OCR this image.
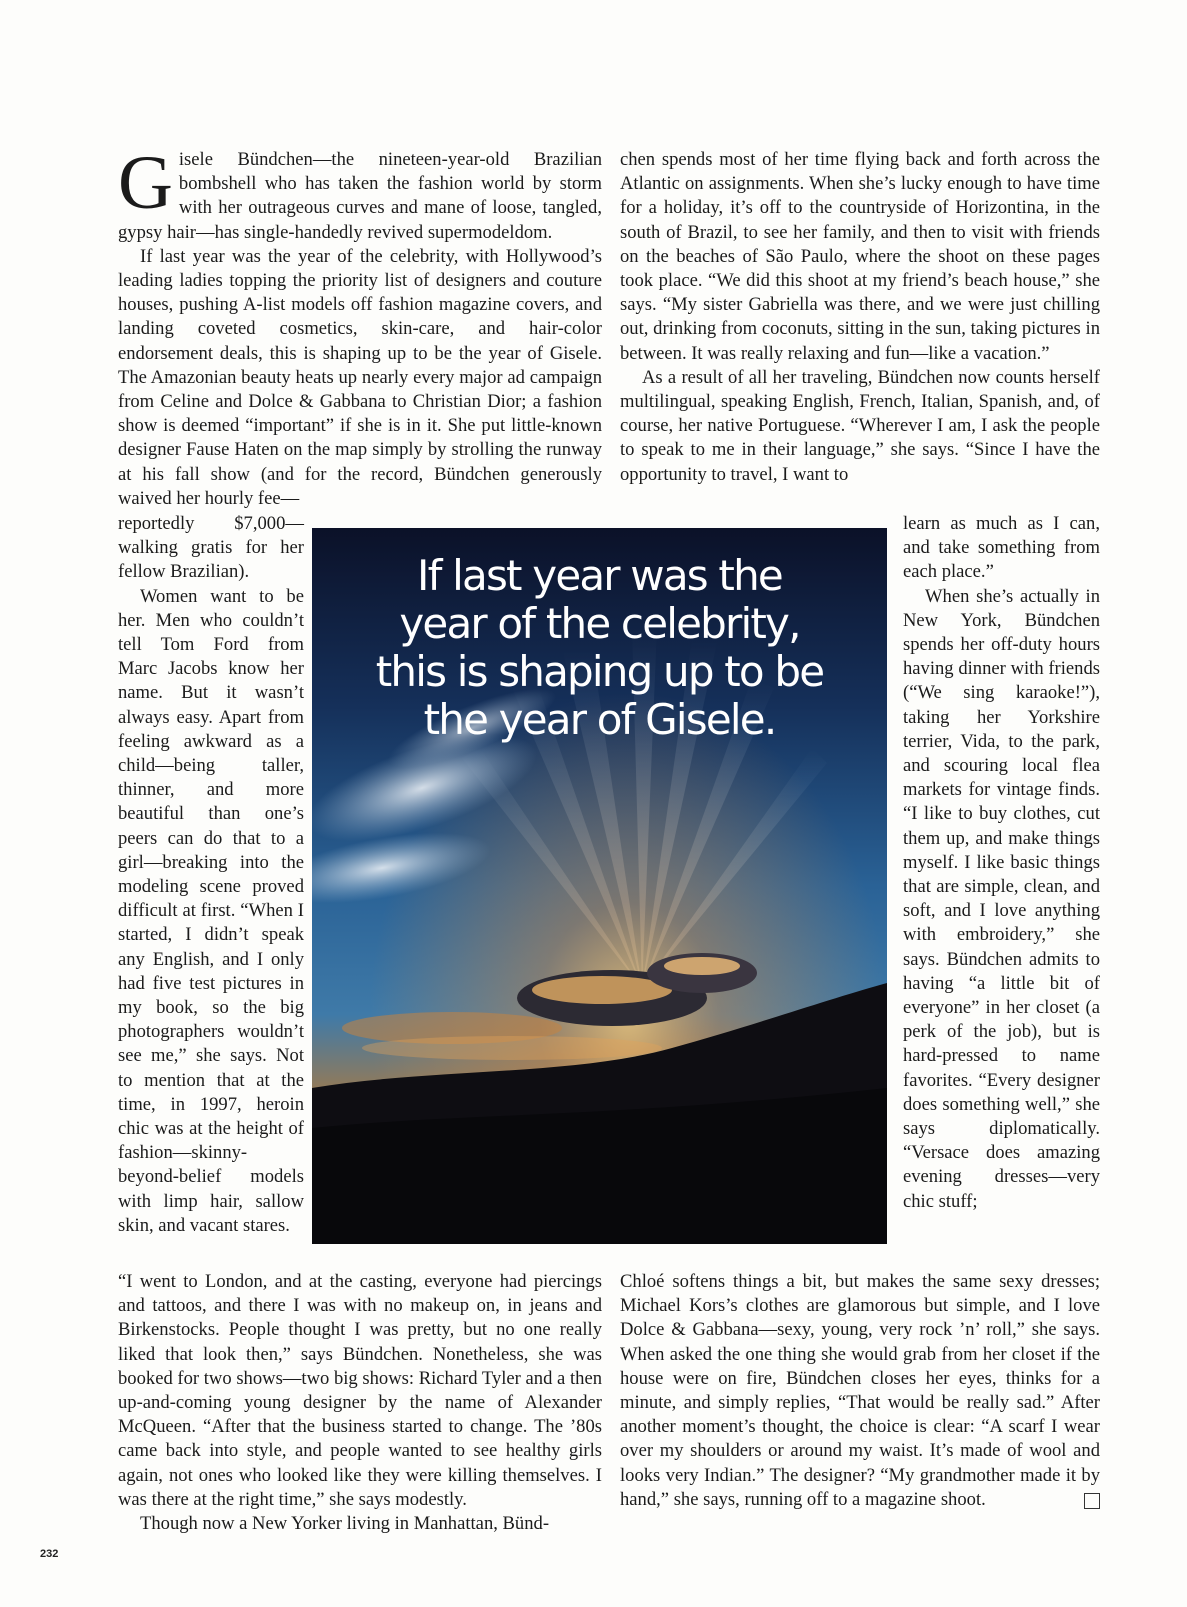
Gisele Bündchen—the nineteen-year-old Brazilian bombshell who has taken the fashion world by storm with her outrageous curves and mane of loose, tangled, gypsy hair—has single-handedly revived supermodeldom.

If last year was the year of the celebrity, with Hollywood’s leading ladies topping the priority list of designers and couture houses, pushing A-list models off fashion magazine covers, and landing coveted cosmetics, skin-care, and hair-color endorsement deals, this is shaping up to be the year of Gisele. The Amazonian beauty heats up nearly every major ad campaign from Celine and Dolce & Gabbana to Christian Dior; a fashion show is deemed “important” if she is in it. She put little-known designer Fause Haten on the map simply by strolling the runway at his fall show (and for the record, Bündchen generously waived her hourly fee—

reportedly $7,000—walking gratis for her fellow Brazilian).

Women want to be her. Men who couldn’t tell Tom Ford from Marc Jacobs know her name. But it wasn’t always easy. Apart from feeling awkward as a child—being taller, thinner, and more beautiful than one’s peers can do that to a girl—breaking into the modeling scene proved difficult at first. “When I started, I didn’t speak any English, and I only had five test pictures in my book, so the big photographers wouldn’t see me,” she says. Not to mention that at the time, in 1997, heroin chic was at the height of fashion—skinny-beyond-belief models with limp hair, sallow skin, and vacant stares.

“I went to London, and at the casting, everyone had piercings and tattoos, and there I was with no makeup on, in jeans and Birkenstocks. People thought I was pretty, but no one really liked that look then,” says Bündchen. Nonetheless, she was booked for two shows—two big shows: Richard Tyler and a then up-and-coming young designer by the name of Alexander McQueen. “After that the business started to change. The ’80s came back into style, and people wanted to see healthy girls again, not ones who looked like they were killing themselves. I was there at the right time,” she says modestly.

Though now a New Yorker living in Manhattan, Bünd-

chen spends most of her time flying back and forth across the Atlantic on assignments. When she’s lucky enough to have time for a holiday, it’s off to the countryside of Horizontina, in the south of Brazil, to see her family, and then to visit with friends on the beaches of São Paulo, where the shoot on these pages took place. “We did this shoot at my friend’s beach house,” she says. “My sister Gabriella was there, and we were just chilling out, drinking from coconuts, sitting in the sun, taking pictures in between. It was really relaxing and fun—like a vacation.”

As a result of all her traveling, Bündchen now counts herself multilingual, speaking English, French, Italian, Spanish, and, of course, her native Portuguese. “Wherever I am, I ask the people to speak to me in their language,” she says. “Since I have the opportunity to travel, I want to

learn as much as I can, and take something from each place.”

When she’s actually in New York, Bündchen spends her off-duty hours having dinner with friends (“We sing karaoke!”), taking her Yorkshire terrier, Vida, to the park, and scouring local flea markets for vintage finds. “I like to buy clothes, cut them up, and make things myself. I like basic things that are simple, clean, and soft, and I love anything with embroidery,” she says. Bündchen admits to having “a little bit of everyone” in her closet (a perk of the job), but is hard-pressed to name favorites. “Every designer does something well,” she says diplomatically. “Versace does amazing evening dresses—very chic stuff;

Chloé softens things a bit, but makes the same sexy dresses; Michael Kors’s clothes are glamorous but simple, and I love Dolce & Gabbana—sexy, young, very rock ’n’ roll,” she says. When asked the one thing she would grab from her closet if the house were on fire, Bündchen closes her eyes, thinks for a minute, and simply replies, “That would be really sad.” After another moment’s thought, the choice is clear: “A scarf I wear over my shoulders or around my waist. It’s made of wool and looks very Indian.” The designer? “My grandmother made it by hand,” she says, running off to a magazine shoot.

If last year was the
year of the celebrity,
this is shaping up to be
the year of Gisele.
232
